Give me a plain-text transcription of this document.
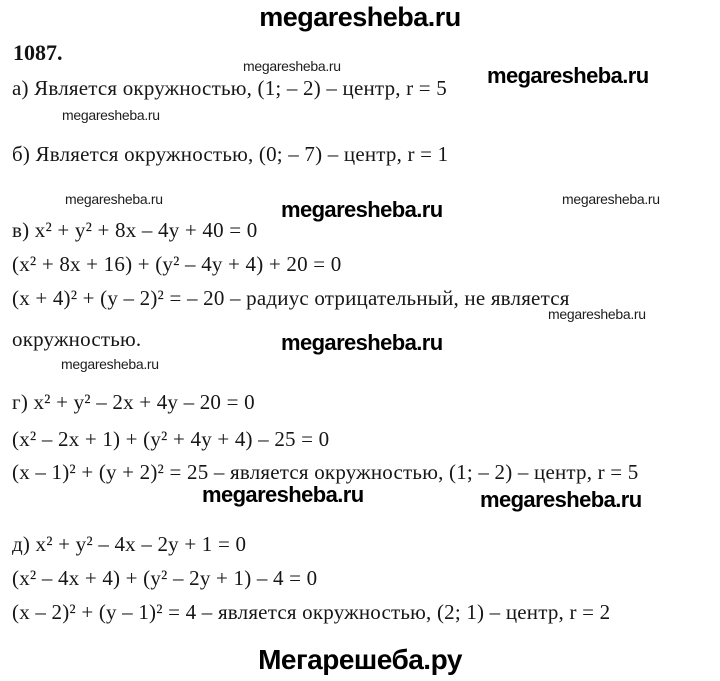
megaresheba.ru
1087.
megaresheba.ru	megaresheba.ru
а) Является окружностью, (1; – 2) – центр, r = 5
megaresheba.ru
б) Является окружностью, (0; – 7) – центр, r = 1
megaresheba.ru	megaresheba.ru	megaresheba.ru
в) x² + y² + 8x – 4y + 40 = 0
(x² + 8x + 16) + (y² – 4y + 4) + 20 = 0
(x + 4)² + (y – 2)² = – 20 – радиус отрицательный, не является
megaresheba.ru
окружностью.	megaresheba.ru
megaresheba.ru
г) x² + y² – 2x + 4y – 20 = 0
(x² – 2x + 1) + (y² + 4y + 4) – 25 = 0
(x – 1)² + (y + 2)² = 25 – является окружностью, (1; – 2) – центр, r = 5
megaresheba.ru	megaresheba.ru
д) x² + y² – 4x – 2y + 1 = 0
(x² – 4x + 4) + (y² – 2y + 1) – 4 = 0
(x – 2)² + (y – 1)² = 4 – является окружностью, (2; 1) – центр, r = 2
Мегарешеба.ру
